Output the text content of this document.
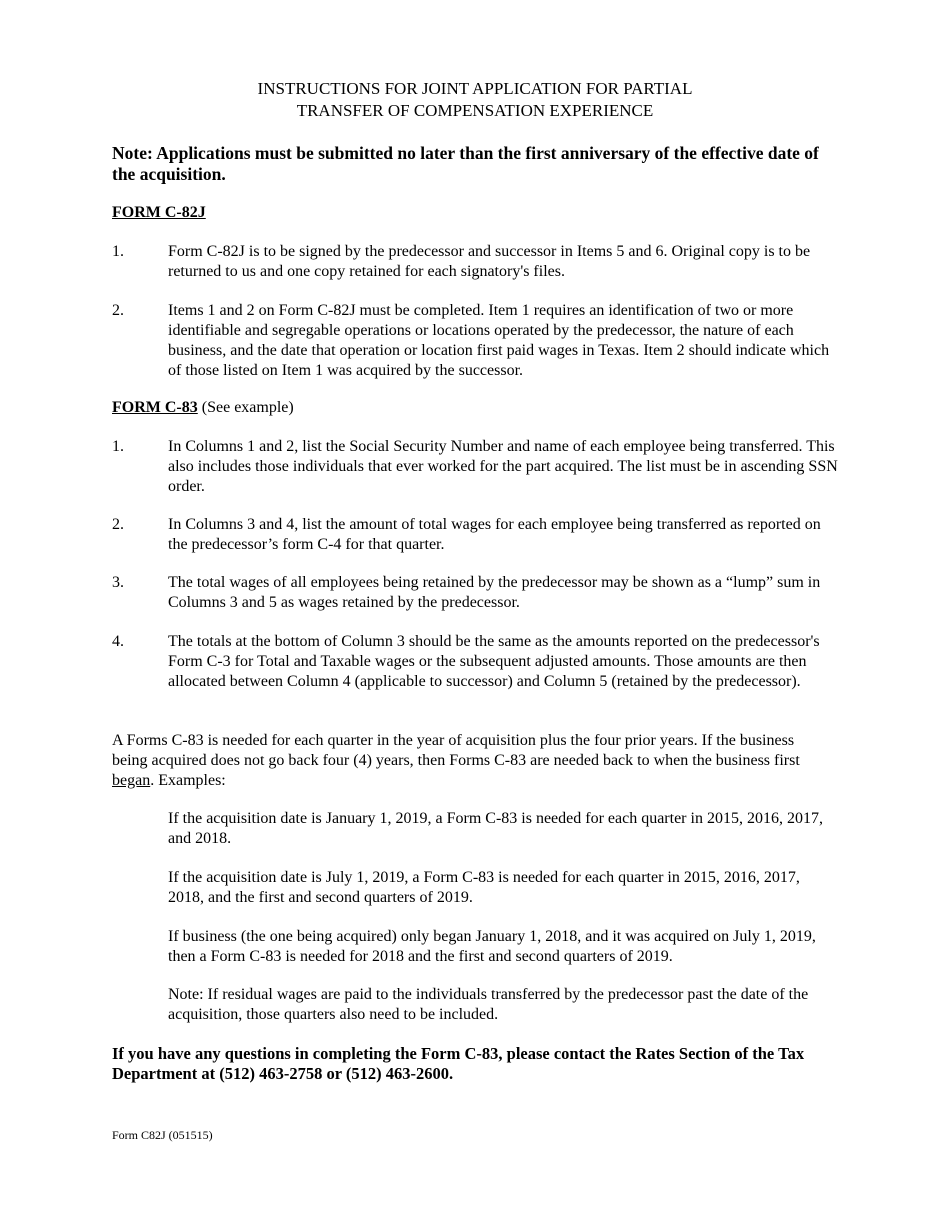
INSTRUCTIONS FOR JOINT APPLICATION FOR PARTIAL
TRANSFER OF COMPENSATION EXPERIENCE
Note: Applications must be submitted no later than the first anniversary of the effective date of the acquisition.
FORM C-82J
1.	Form C-82J is to be signed by the predecessor and successor in Items 5 and 6. Original copy is to be returned to us and one copy retained for each signatory's files.
2.	Items 1 and 2 on Form C-82J must be completed. Item 1 requires an identification of two or more identifiable and segregable operations or locations operated by the predecessor, the nature of each business, and the date that operation or location first paid wages in Texas. Item 2 should indicate which of those listed on Item 1 was acquired by the successor.
FORM C-83 (See example)
1.	In Columns 1 and 2, list the Social Security Number and name of each employee being transferred. This also includes those individuals that ever worked for the part acquired. The list must be in ascending SSN order.
2.	In Columns 3 and 4, list the amount of total wages for each employee being transferred as reported on the predecessor’s form C-4 for that quarter.
3.	The total wages of all employees being retained by the predecessor may be shown as a “lump” sum in Columns 3 and 5 as wages retained by the predecessor.
4.	The totals at the bottom of Column 3 should be the same as the amounts reported on the predecessor's Form C-3 for Total and Taxable wages or the subsequent adjusted amounts. Those amounts are then allocated between Column 4 (applicable to successor) and Column 5 (retained by the predecessor).
A Forms C-83 is needed for each quarter in the year of acquisition plus the four prior years. If the business being acquired does not go back four (4) years, then Forms C-83 are needed back to when the business first began. Examples:
If the acquisition date is January 1, 2019, a Form C-83 is needed for each quarter in 2015, 2016, 2017, and 2018.
If the acquisition date is July 1, 2019, a Form C-83 is needed for each quarter in 2015, 2016, 2017, 2018, and the first and second quarters of 2019.
If business (the one being acquired) only began January 1, 2018, and it was acquired on July 1, 2019, then a Form C-83 is needed for 2018 and the first and second quarters of 2019.
Note: If residual wages are paid to the individuals transferred by the predecessor past the date of the acquisition, those quarters also need to be included.
If you have any questions in completing the Form C-83, please contact the Rates Section of the Tax Department at (512) 463-2758 or (512) 463-2600.
Form C82J (051515)
